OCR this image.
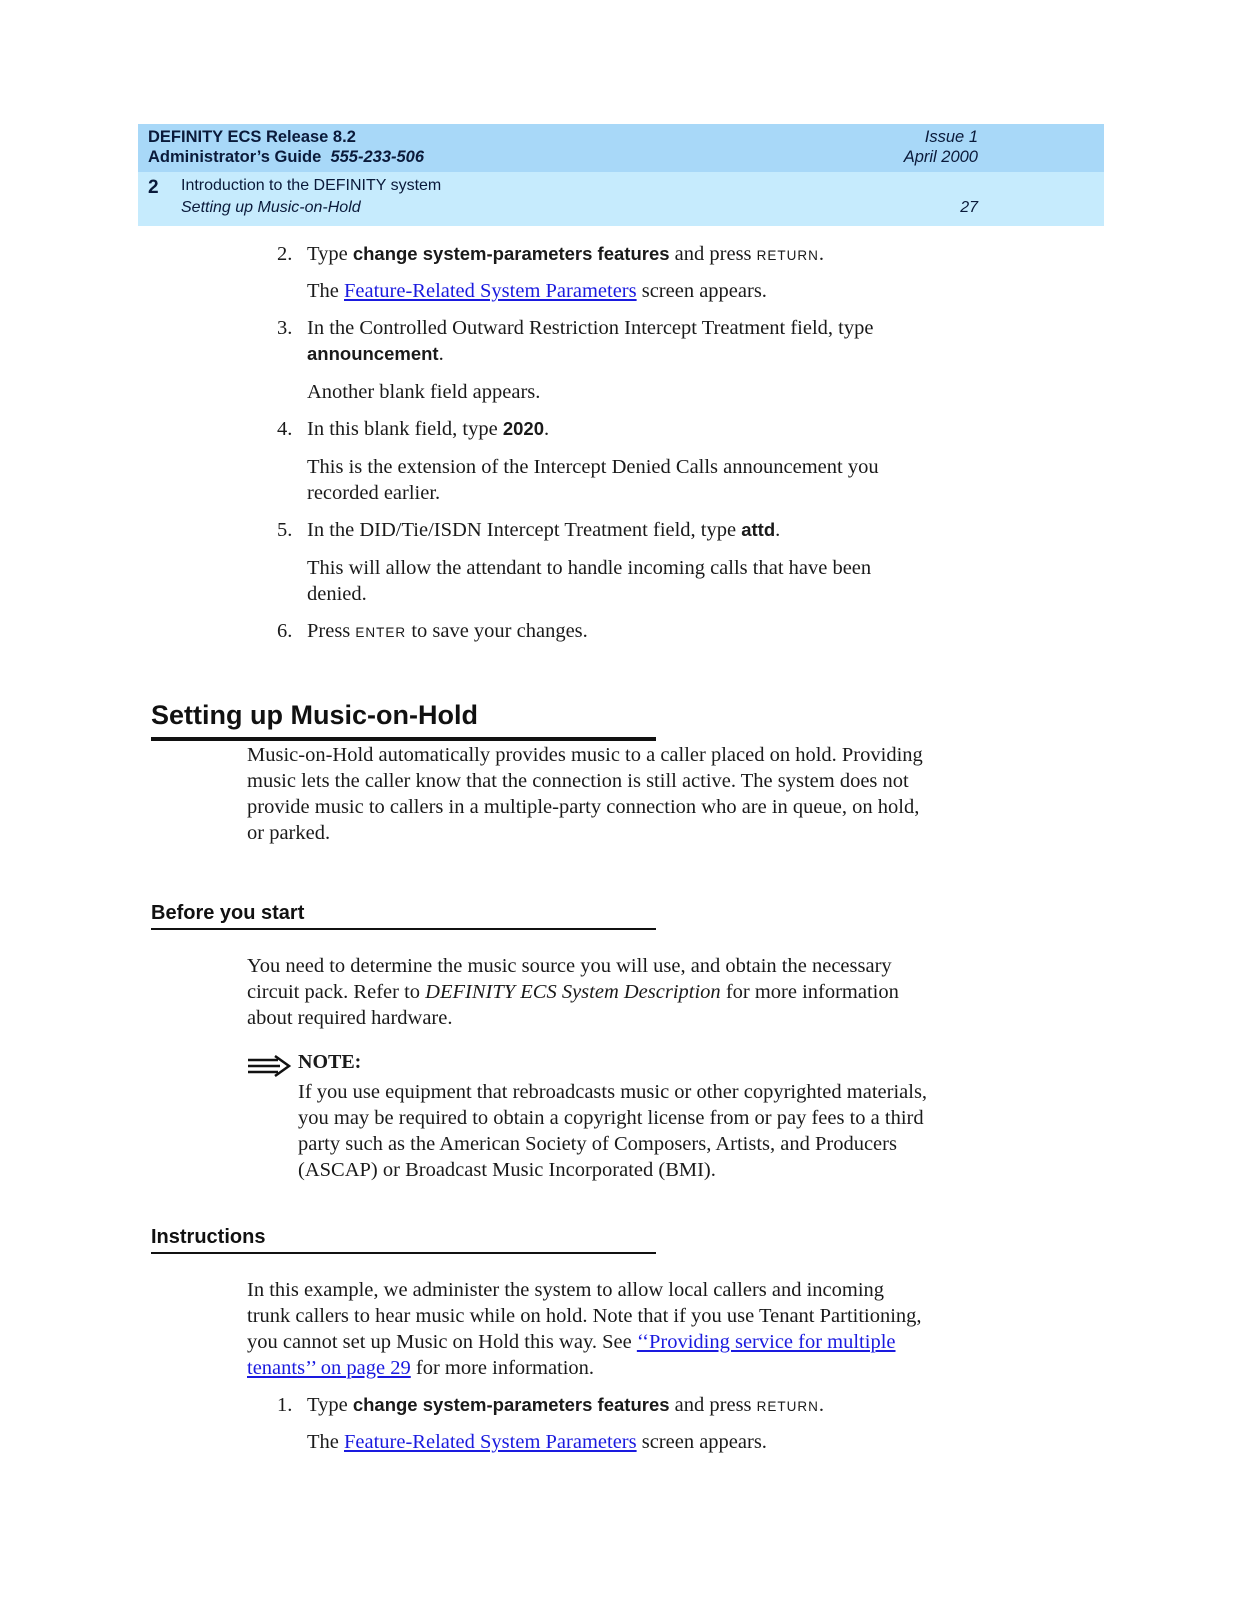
DEFINITY ECS Release 8.2
Administrator’s Guide 555-233-506
Issue 1
April 2000
2 Introduction to the DEFINITY system
Setting up Music-on-Hold	27
2. Type change system-parameters features and press RETURN.
The Feature-Related System Parameters screen appears.
3. In the Controlled Outward Restriction Intercept Treatment field, type
announcement.
Another blank field appears.
4. In this blank field, type 2020.
This is the extension of the Intercept Denied Calls announcement you
recorded earlier.
5. In the DID/Tie/ISDN Intercept Treatment field, type attd.
This will allow the attendant to handle incoming calls that have been
denied.
6. Press ENTER to save your changes.
Setting up Music-on-Hold
Music-on-Hold automatically provides music to a caller placed on hold. Providing
music lets the caller know that the connection is still active. The system does not
provide music to callers in a multiple-party connection who are in queue, on hold,
or parked.
Before you start
You need to determine the music source you will use, and obtain the necessary
circuit pack. Refer to DEFINITY ECS System Description for more information
about required hardware.
NOTE:
If you use equipment that rebroadcasts music or other copyrighted materials,
you may be required to obtain a copyright license from or pay fees to a third
party such as the American Society of Composers, Artists, and Producers
(ASCAP) or Broadcast Music Incorporated (BMI).
Instructions
In this example, we administer the system to allow local callers and incoming
trunk callers to hear music while on hold. Note that if you use Tenant Partitioning,
you cannot set up Music on Hold this way. See ‘‘Providing service for multiple
tenants’’ on page 29 for more information.
1. Type change system-parameters features and press RETURN.
The Feature-Related System Parameters screen appears.
